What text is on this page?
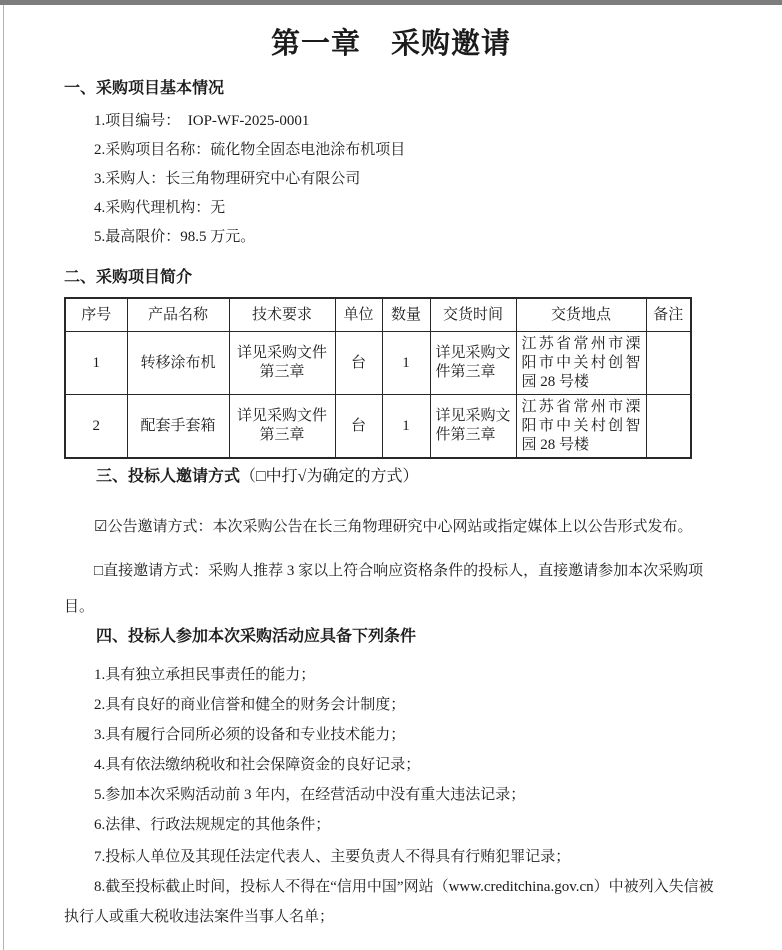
第一章　采购邀请
一、采购项目基本情况

1.项目编号：　IOP-WF-2025-0001

2.采购项目名称：硫化物全固态电池涂布机项目

3.采购人：长三角物理研究中心有限公司

4.采购代理机构：无

5.最高限价：98.5 万元。

二、采购项目简介
序号	产品名称	技术要求	单位	数量	交货时间	交货地点	备注
1	转移涂布机	详见采购文件第三章	台	1	详见采购文件第三章	江苏省常州市溧阳市中关村创智园 28 号楼	
2	配套手套箱	详见采购文件第三章	台	1	详见采购文件第三章	江苏省常州市溧阳市中关村创智园 28 号楼	
三、投标人邀请方式（□中打√为确定的方式）

☑公告邀请方式：本次采购公告在长三角物理研究中心网站或指定媒体上以公告形式发布。

□直接邀请方式：采购人推荐 3 家以上符合响应资格条件的投标人，直接邀请参加本次采购项目。

四、投标人参加本次采购活动应具备下列条件

1.具有独立承担民事责任的能力；

2.具有良好的商业信誉和健全的财务会计制度；

3.具有履行合同所必须的设备和专业技术能力；

4.具有依法缴纳税收和社会保障资金的良好记录；

5.参加本次采购活动前 3 年内，在经营活动中没有重大违法记录；

6.法律、行政法规规定的其他条件；

7.投标人单位及其现任法定代表人、主要负责人不得具有行贿犯罪记录；

8.截至投标截止时间，投标人不得在“信用中国”网站（www.creditchina.gov.cn）中被列入失信被执行人或重大税收违法案件当事人名单；
